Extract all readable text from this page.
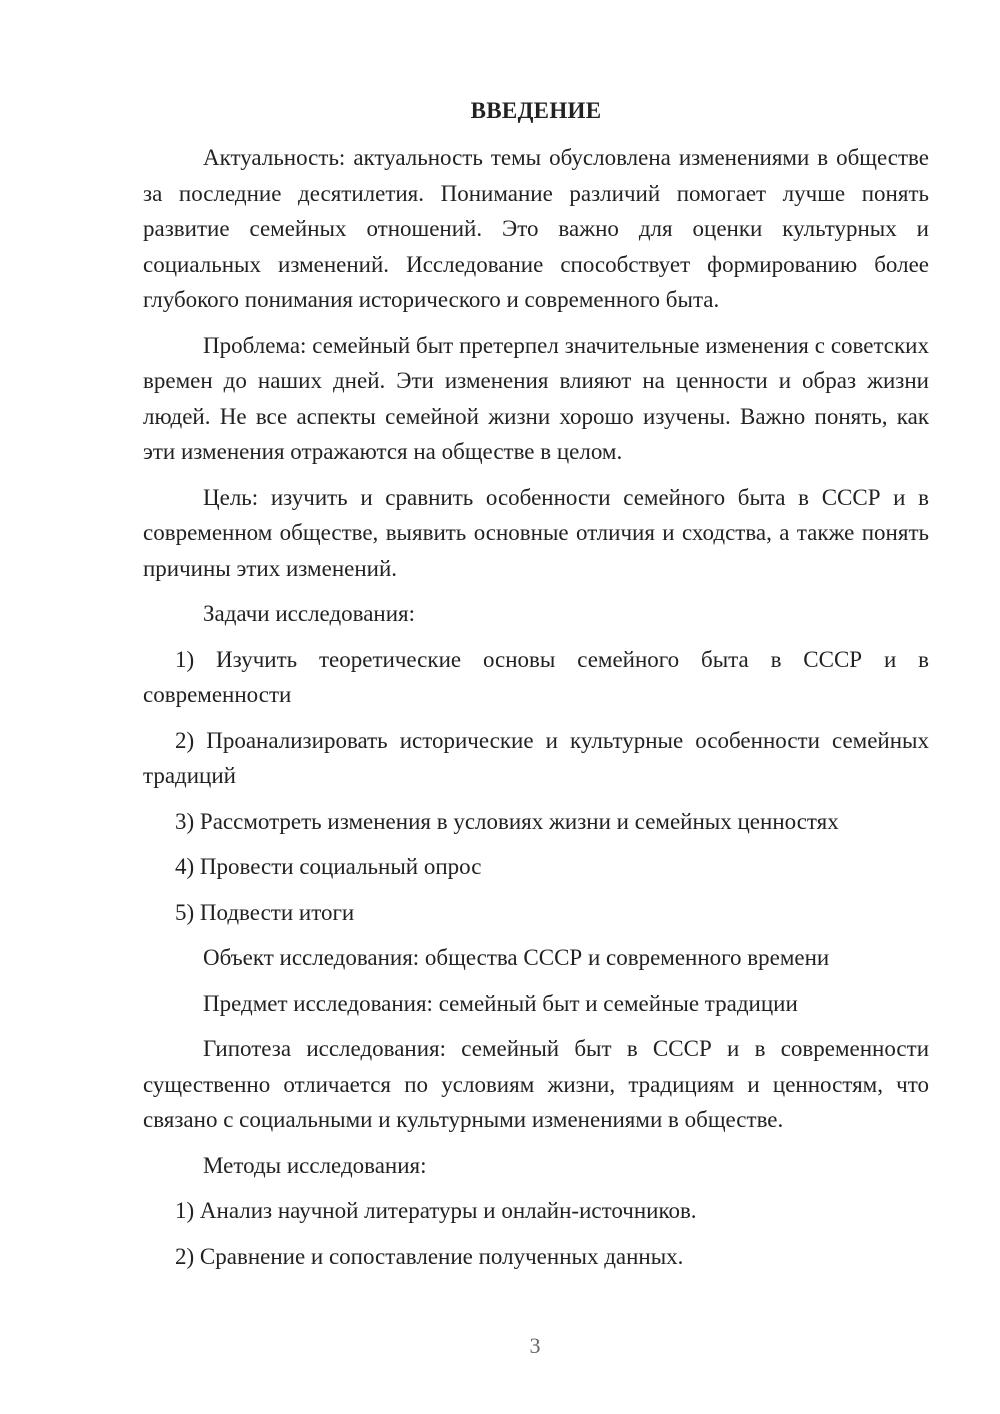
ВВЕДЕНИЕ

Актуальность: актуальность темы обусловлена изменениями в обществе за последние десятилетия. Понимание различий помогает лучше понять развитие семейных отношений. Это важно для оценки культурных и социальных изменений. Исследование способствует формированию более глубокого понимания исторического и современного быта.

Проблема: семейный быт претерпел значительные изменения с советских времен до наших дней. Эти изменения влияют на ценности и образ жизни людей. Не все аспекты семейной жизни хорошо изучены. Важно понять, как эти изменения отражаются на обществе в целом.

Цель: изучить и сравнить особенности семейного быта в СССР и в современном обществе, выявить основные отличия и сходства, а также понять причины этих изменений.

Задачи исследования:

1) Изучить теоретические основы семейного быта в СССР и в современности

2) Проанализировать исторические и культурные особенности семейных традиций

3) Рассмотреть изменения в условиях жизни и семейных ценностях

4) Провести социальный опрос

5) Подвести итоги

Объект исследования: общества СССР и современного времени

Предмет исследования: семейный быт и семейные традиции

Гипотеза исследования: семейный быт в СССР и в современности существенно отличается по условиям жизни, традициям и ценностям, что связано с социальными и культурными изменениями в обществе.

Методы исследования:

1) Анализ научной литературы и онлайн-источников.

2) Сравнение и сопоставление полученных данных.

3
